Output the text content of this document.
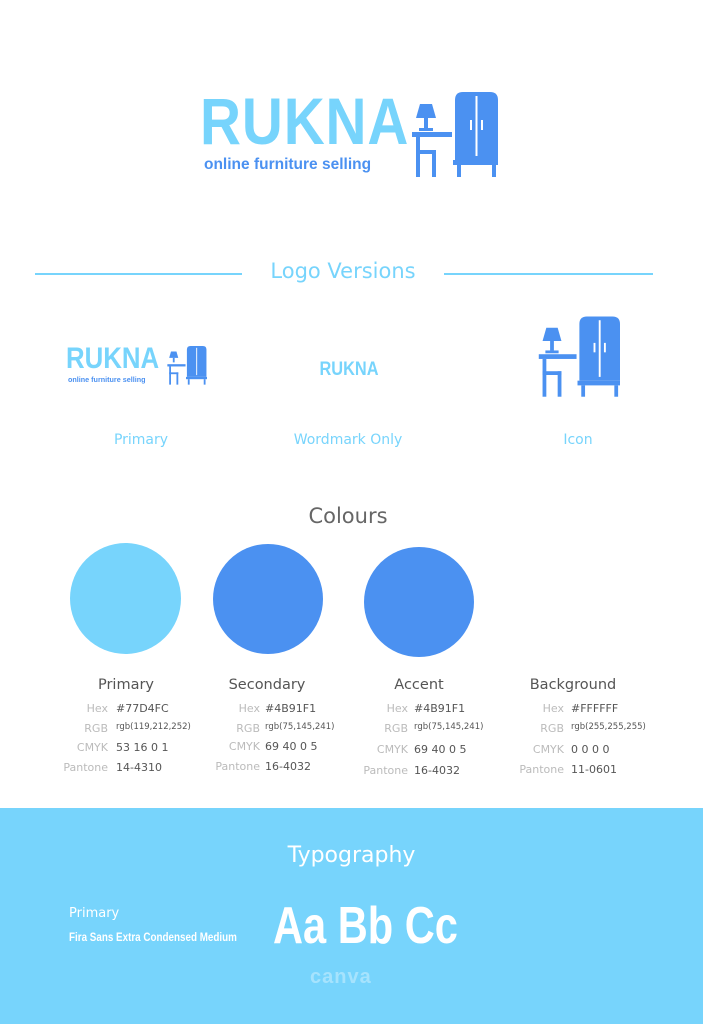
RUKNA
online furniture selling
Logo Versions
RUKNA
online furniture selling
Primary
RUKNA
Wordmark Only	Icon
Colours
Primary
Hex #77D4FC
RGB rgb(119,212,252)
CMYK 53 16 0 1
Pantone 14-4310
Secondary
Hex #4B91F1
RGB rgb(75,145,241)
CMYK 69 40 0 5
Pantone 16-4032
Accent
Hex #4B91F1
RGB rgb(75,145,241)
CMYK 69 40 0 5
Pantone 16-4032
Background
Hex #FFFFFF
RGB rgb(255,255,255)
CMYK 0 0 0 0
Pantone 11-0601
Typography
Primary
Fira Sans Extra Condensed Medium Aa Bb Cc
canva
